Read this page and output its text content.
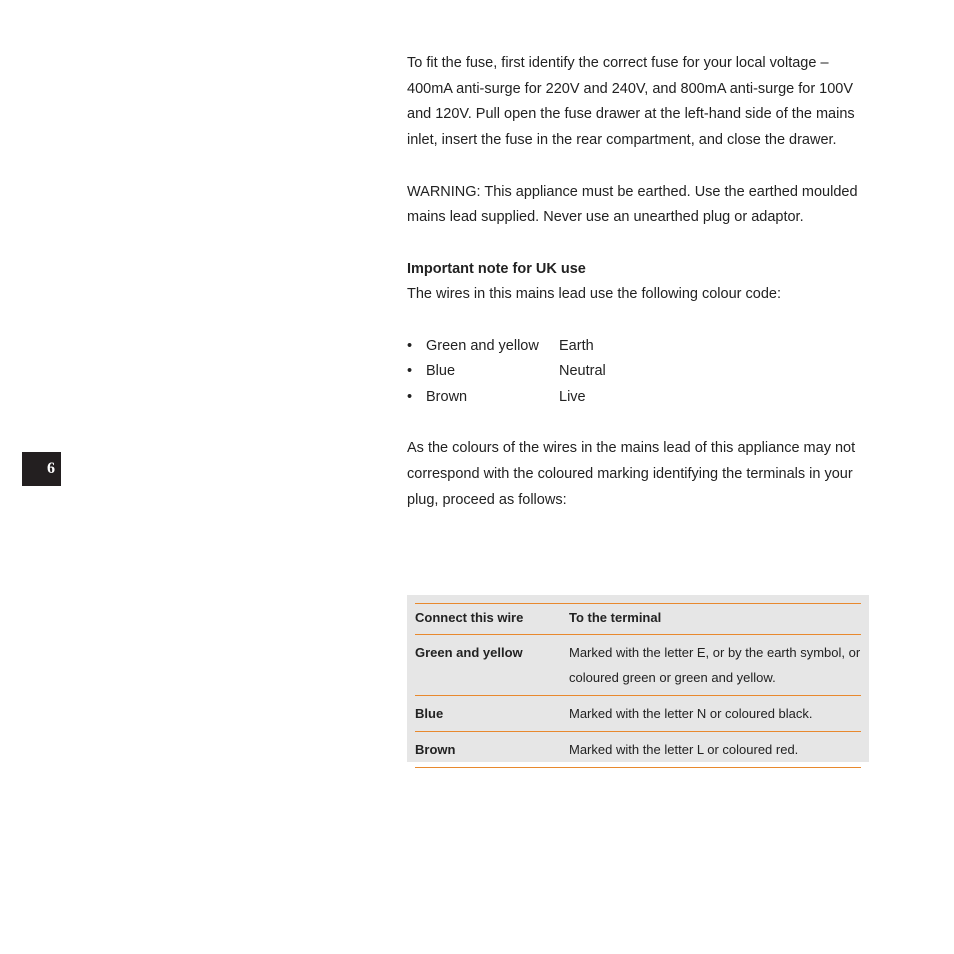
6

To fit the fuse, first identify the correct fuse for your local voltage – 400mA anti-surge for 220V and 240V, and 800mA anti-surge for 100V and 120V. Pull open the fuse drawer at the left-hand side of the mains inlet, insert the fuse in the rear compartment, and close the drawer.

WARNING: This appliance must be earthed. Use the earthed moulded mains lead supplied. Never use an unearthed plug or adaptor.

Important note for UK use

The wires in this mains lead use the following colour code:

• Green and yellow	Earth
• Blue	Neutral
• Brown	Live

As the colours of the wires in the mains lead of this appliance may not correspond with the coloured marking identifying the terminals in your plug, proceed as follows:

Connect this wire	To the terminal
Green and yellow	Marked with the letter E, or by the earth symbol, or coloured green or green and yellow.
Blue	Marked with the letter N or coloured black.
Brown	Marked with the letter L or coloured red.
